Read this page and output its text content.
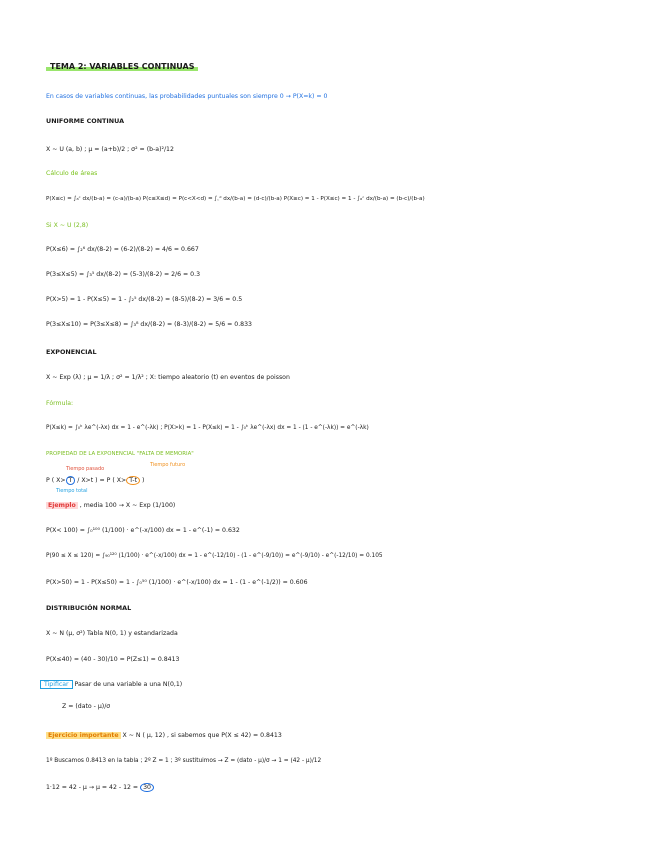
TEMA 2: VARIABLES CONTINUAS
En casos de variables continuas, las probabilidades puntuales son siempre 0 → P(X=k) = 0
UNIFORME CONTINUA
X ~ U (a, b) ; μ = (a+b)/2 ; σ² = (b-a)²/12
Cálculo de áreas
P(X≤c) = ∫ₐᶜ dx/(b-a) = (c-a)/(b-a) P(c≤X≤d) = P(c<X<d) = ∫꜀ᵈ dx/(b-a) = (d-c)/(b-a) P(X≥c) = 1 - P(X≤c) = 1 - ∫ₐᶜ dx/(b-a) = (b-c)/(b-a)
Si X ~ U (2,8)
P(X≤6) = ∫₂⁶ dx/(8-2) = (6-2)/(8-2) = 4/6 = 0.667
P(3≤X≤5) = ∫₃⁵ dx/(8-2) = (5-3)/(8-2) = 2/6 = 0.3
P(X>5) = 1 - P(X≤5) = 1 - ∫₂⁵ dx/(8-2) = (8-5)/(8-2) = 3/6 = 0.5
P(3≤X≤10) = P(3≤X≤8) = ∫₃⁸ dx/(8-2) = (8-3)/(8-2) = 5/6 = 0.833
EXPONENCIAL
X ~ Exp (λ) ; μ = 1/λ ; σ² = 1/λ² ; X: tiempo aleatorio (t) en eventos de poisson
Fórmula:
P(X≤k) = ∫₀ᵏ λe^(-λx) dx = 1 - e^(-λk) ; P(X>k) = 1 - P(X≤k) = 1 - ∫₀ᵏ λe^(-λx) dx = 1 - (1 - e^(-λk)) = e^(-λk)
PROPIEDAD DE LA EXPONENCIAL "FALTA DE MEMORIA"
Tiempo pasado
Tiempo futuro
Tiempo total
P ( X> T / X>t ) = P ( X> T-t )
Ejemplo , media 100 → X ~ Exp (1/100)
P(X< 100) = ∫₀¹⁰⁰ (1/100) · e^(-x/100) dx = 1 - e^(-1) = 0.632
P(90 ≤ X ≤ 120) = ∫₉₀¹²⁰ (1/100) · e^(-x/100) dx = 1 - e^(-12/10) - (1 - e^(-9/10)) = e^(-9/10) - e^(-12/10) = 0.105
P(X>50) = 1 - P(X≤50) = 1 - ∫₀⁵⁰ (1/100) · e^(-x/100) dx = 1 - (1 - e^(-1/2)) = 0.606
DISTRIBUCIÓN NORMAL
X ~ N (μ, σ²) Tabla N(0, 1) y estandarizada
P(X≤40) = (40 - 30)/10 = P(Z≤1) = 0.8413
Tipificar Pasar de una variable a una N(0,1)
Z = (dato - μ)/σ
Ejercicio importante X ~ N ( μ, 12) , si sabemos que P(X ≤ 42) = 0.8413
1º Buscamos 0.8413 en la tabla ; 2º Z = 1 ; 3º sustituimos → Z = (dato - μ)/σ → 1 = (42 - μ)/12
1·12 = 42 - μ → μ = 42 - 12 = 30
